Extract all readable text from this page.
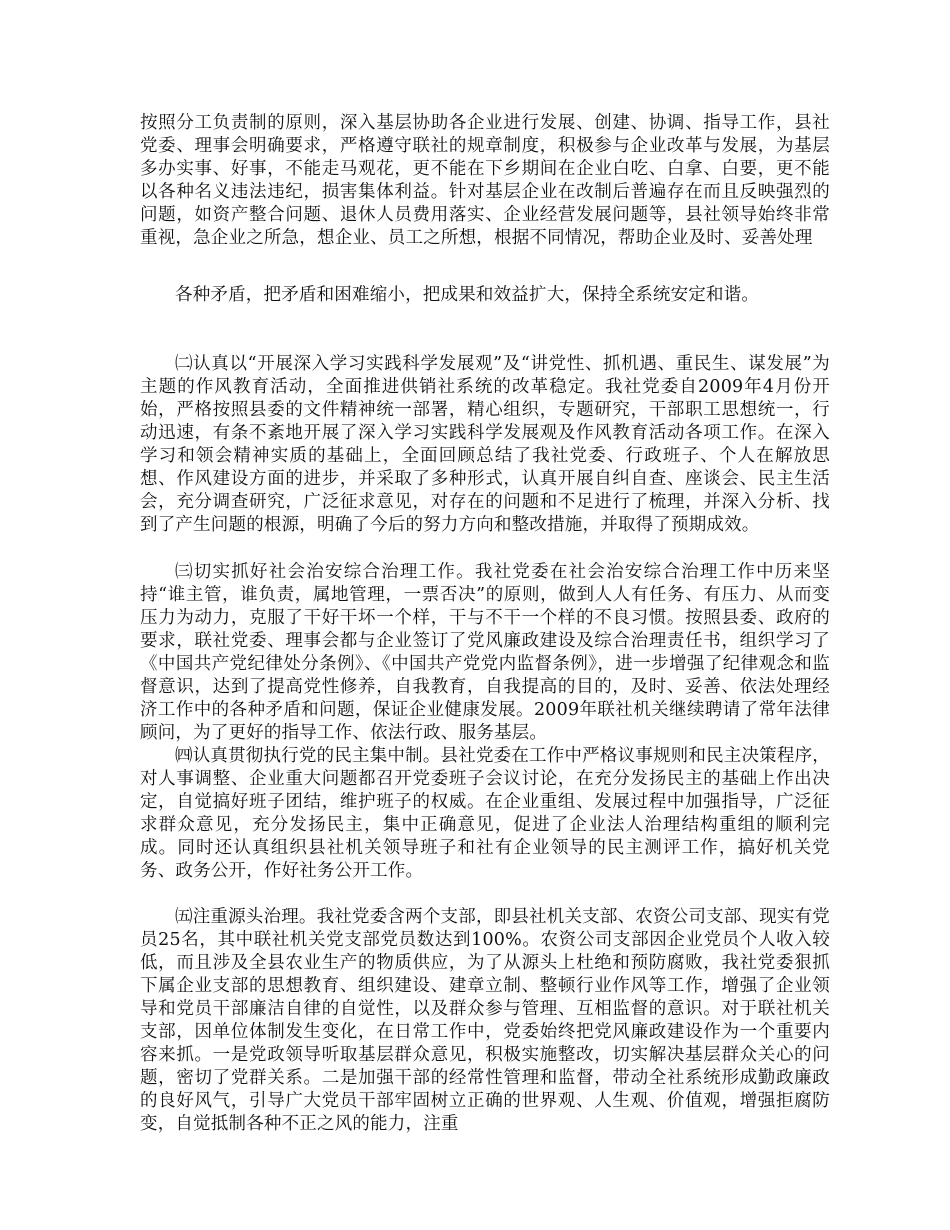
按照分工负责制的原则，深入基层协助各企业进行发展、创建、协调、指导工作，县社党委、理事会明确要求，严格遵守联社的规章制度，积极参与企业改革与发展，为基层多办实事、好事，不能走马观花，更不能在下乡期间在企业白吃、白拿、白要，更不能以各种名义违法违纪，损害集体利益。针对基层企业在改制后普遍存在而且反映强烈的问题，如资产整合问题、退休人员费用落实、企业经营发展问题等，县社领导始终非常重视，急企业之所急，想企业、员工之所想，根据不同情况，帮助企业及时、妥善处理

各种矛盾，把矛盾和困难缩小，把成果和效益扩大，保持全系统安定和谐。

㈡认真以“开展深入学习实践科学发展观”及“讲党性、抓机遇、重民生、谋发展”为主题的作风教育活动，全面推进供销社系统的改革稳定。我社党委自2009年4月份开始，严格按照县委的文件精神统一部署，精心组织，专题研究，干部职工思想统一，行动迅速，有条不紊地开展了深入学习实践科学发展观及作风教育活动各项工作。在深入学习和领会精神实质的基础上，全面回顾总结了我社党委、行政班子、个人在解放思想、作风建设方面的进步，并采取了多种形式，认真开展自纠自查、座谈会、民主生活会，充分调查研究，广泛征求意见，对存在的问题和不足进行了梳理，并深入分析、找到了产生问题的根源，明确了今后的努力方向和整改措施，并取得了预期成效。

㈢切实抓好社会治安综合治理工作。我社党委在社会治安综合治理工作中历来坚持“谁主管，谁负责，属地管理，一票否决”的原则，做到人人有任务、有压力、从而变压力为动力，克服了干好干坏一个样，干与不干一个样的不良习惯。按照县委、政府的要求，联社党委、理事会都与企业签订了党风廉政建设及综合治理责任书，组织学习了《中国共产党纪律处分条例》、《中国共产党党内监督条例》，进一步增强了纪律观念和监督意识，达到了提高党性修养，自我教育，自我提高的目的，及时、妥善、依法处理经济工作中的各种矛盾和问题，保证企业健康发展。2009年联社机关继续聘请了常年法律顾问，为了更好的指导工作、依法行政、服务基层。

㈣认真贯彻执行党的民主集中制。县社党委在工作中严格议事规则和民主决策程序，对人事调整、企业重大问题都召开党委班子会议讨论，在充分发扬民主的基础上作出决定，自觉搞好班子团结，维护班子的权威。在企业重组、发展过程中加强指导，广泛征求群众意见，充分发扬民主，集中正确意见，促进了企业法人治理结构重组的顺利完成。同时还认真组织县社机关领导班子和社有企业领导的民主测评工作，搞好机关党务、政务公开，作好社务公开工作。

㈤注重源头治理。我社党委含两个支部，即县社机关支部、农资公司支部、现实有党员25名，其中联社机关党支部党员数达到100%。农资公司支部因企业党员个人收入较低，而且涉及全县农业生产的物质供应，为了从源头上杜绝和预防腐败，我社党委狠抓下属企业支部的思想教育、组织建设、建章立制、整顿行业作风等工作，增强了企业领导和党员干部廉洁自律的自觉性，以及群众参与管理、互相监督的意识。对于联社机关支部，因单位体制发生变化，在日常工作中，党委始终把党风廉政建设作为一个重要内容来抓。一是党政领导听取基层群众意见，积极实施整改，切实解决基层群众关心的问题，密切了党群关系。二是加强干部的经常性管理和监督，带动全社系统形成勤政廉政的良好风气，引导广大党员干部牢固树立正确的世界观、人生观、价值观，增强拒腐防变，自觉抵制各种不正之风的能力，注重
